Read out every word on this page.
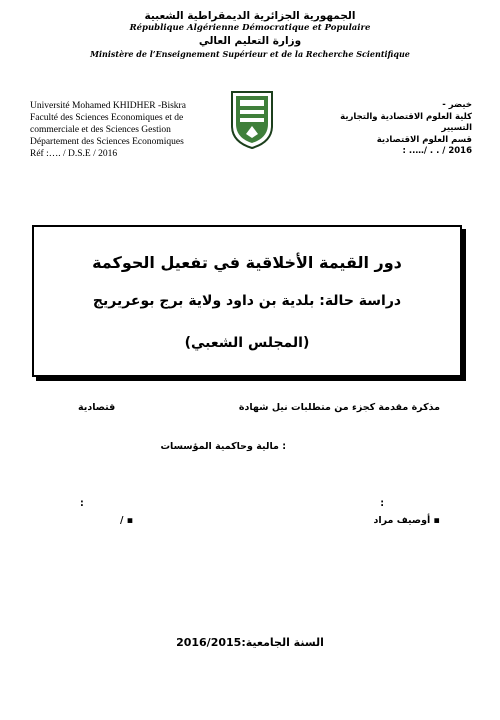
الجمهورية الجزائرية الديمقراطية الشعبية
République Algérienne Démocratique et Populaire
وزارة التعليم العالي
Ministère de l’Enseignement Supérieur et de la Recherche Scientifique
Université Mohamed KHIDHER -Biskra
Faculté des Sciences Economiques et de
commerciale et des Sciences Gestion
Département des Sciences Economiques
Réf :…. / D.S.E / 2016
خيضر -
كلية العلوم الاقتصادية والتجارية
التسيير
قسم العلوم الاقتصادية
2016 / . . /….. :
دور القيمة الأخلاقية في تفعيل الحوكمة
دراسة حالة: بلدية بن داود ولاية برج بوعريريج
(المجلس الشعبي)
مذكرة مقدمة كجزء من متطلبات نيل شهادة
قتصادية
: مالية وحاكمية المؤسسات
:
:
▪ أوصيف مراد
▪ /
السنة الجامعية:2016/2015
